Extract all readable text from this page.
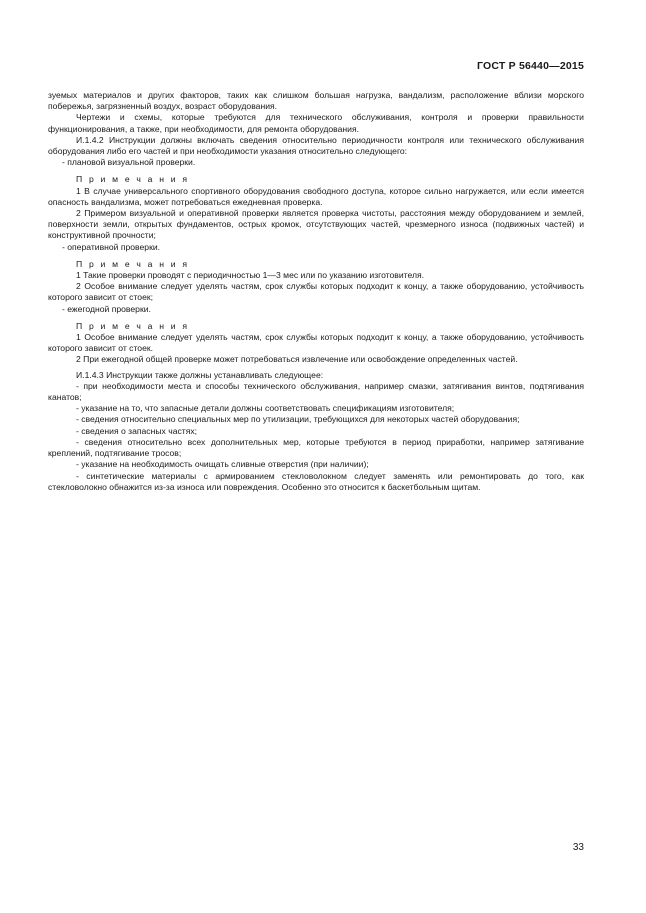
ГОСТ Р 56440—2015

зуемых материалов и других факторов, таких как слишком большая нагрузка, вандализм, расположение вблизи морского побережья, загрязненный воздух, возраст оборудования.

Чертежи и схемы, которые требуются для технического обслуживания, контроля и проверки правильности функционирования, а также, при необходимости, для ремонта оборудования.

И.1.4.2 Инструкции должны включать сведения относительно периодичности контроля или технического обслуживания оборудования либо его частей и при необходимости указания относительно следующего:

- плановой визуальной проверки.

П р и м е ч а н и я

1 В случае универсального спортивного оборудования свободного доступа, которое сильно нагружается, или если имеется опасность вандализма, может потребоваться ежедневная проверка.

2 Примером визуальной и оперативной проверки является проверка чистоты, расстояния между оборудованием и землей, поверхности земли, открытых фундаментов, острых кромок, отсутствующих частей, чрезмерного износа (подвижных частей) и конструктивной прочности;

- оперативной проверки.

П р и м е ч а н и я

1 Такие проверки проводят с периодичностью 1—3 мес или по указанию изготовителя.

2 Особое внимание следует уделять частям, срок службы которых подходит к концу, а также оборудованию, устойчивость которого зависит от стоек;

- ежегодной проверки.

П р и м е ч а н и я

1 Особое внимание следует уделять частям, срок службы которых подходит к концу, а также оборудованию, устойчивость которого зависит от стоек.

2 При ежегодной общей проверке может потребоваться извлечение или освобождение определенных частей.

И.1.4.3 Инструкции также должны устанавливать следующее:

- при необходимости места и способы технического обслуживания, например смазки, затягивания винтов, подтягивания канатов;

- указание на то, что запасные детали должны соответствовать спецификациям изготовителя;

- сведения относительно специальных мер по утилизации, требующихся для некоторых частей оборудования;

- сведения о запасных частях;

- сведения относительно всех дополнительных мер, которые требуются в период приработки, например затягивание креплений, подтягивание тросов;

- указание на необходимость очищать сливные отверстия (при наличии);

- синтетические материалы с армированием стекловолокном следует заменять или ремонтировать до того, как стекловолокно обнажится из-за износа или повреждения. Особенно это относится к баскетбольным щитам.

33
